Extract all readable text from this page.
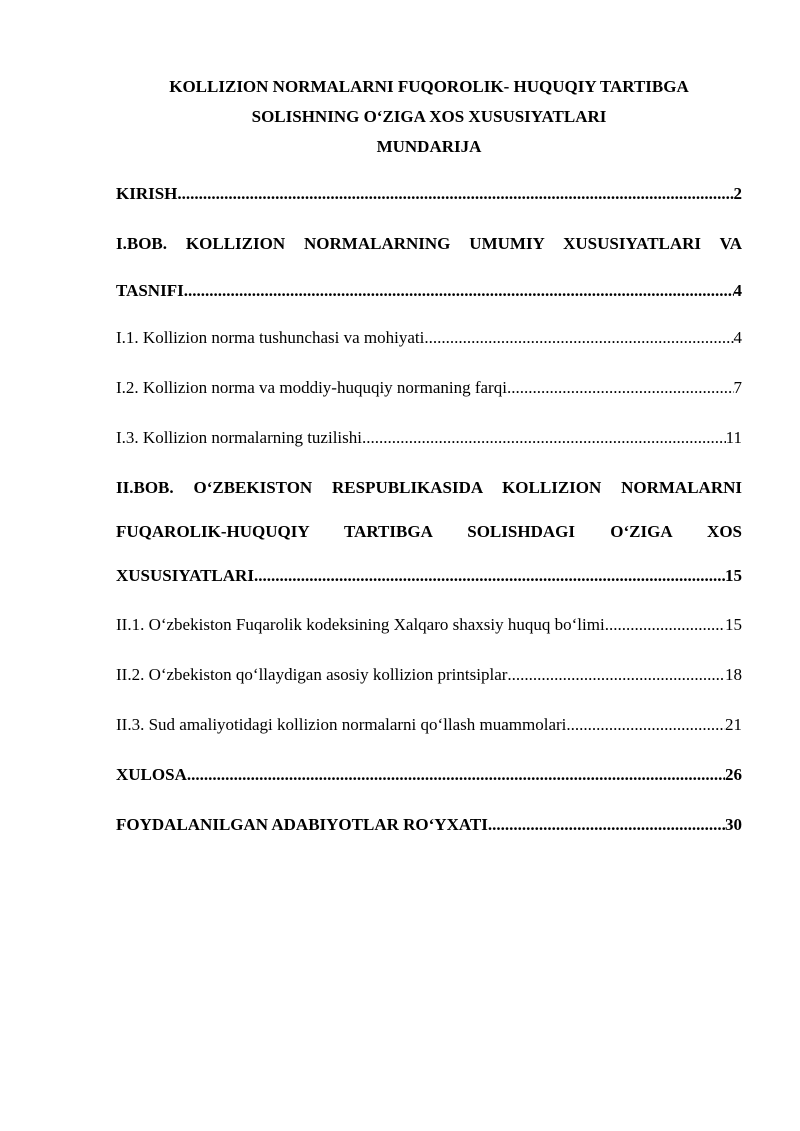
KOLLIZION NORMALARNI FUQOROLIK- HUQUQIY TARTIBGA

SOLISHNING O‘ZIGA XOS XUSUSIYATLARI

MUNDARIJA

KIRISH .....	2
I.BOB. KOLLIZION NORMALARNING UMUMIY XUSUSIYATLARI VA
TASNIFI .....	4
I.1. Kollizion norma tushunchasi va mohiyati .....	4
I.2. Kollizion norma va moddiy-huquqiy normaning farqi .....	7
I.3. Kollizion normalarning tuzilishi .....	11
II.BOB. O‘ZBEKISTON RESPUBLIKASIDA KOLLIZION NORMALARNI
FUQAROLIK-HUQUQIY TARTIBGA SOLISHDAGI O‘ZIGA XOS
XUSUSIYATLARI .....	15
II.1. O‘zbekiston Fuqarolik kodeksining Xalqaro shaxsiy huquq bo‘limi .....	15
II.2. O‘zbekiston qo‘llaydigan asosiy kollizion printsiplar .....	18
II.3. Sud amaliyotidagi kollizion normalarni qo‘llash muammolari .....	21
XULOSA .....	26
FOYDALANILGAN ADABIYOTLAR RO‘YXATI .....	30
